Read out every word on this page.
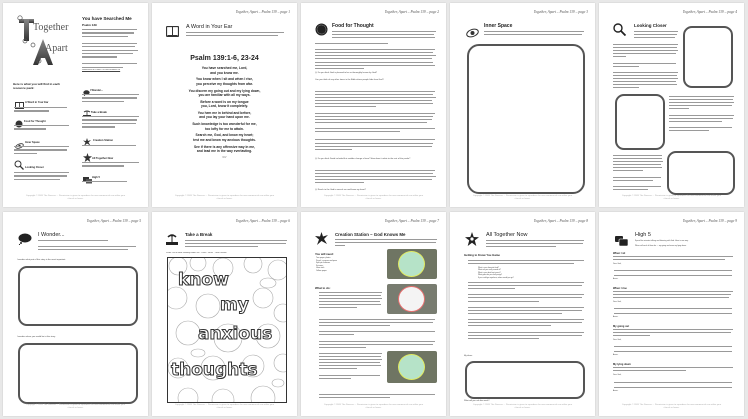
Together
Apart
You have Searched Me
Psalm 139
Reflections on Psalm 139 and Jeremiah 18
Here is what you will find in each resource pack:
A Word in Your Ear
Food for Thought
Inner Space
Looking Closer
I Wonder...
Take a Break
Creation Station
All Together Now
High 5
Copyright © 2020 The Diocese ... Permission is given to reproduce for non-commercial use within your church or home.
Together, Apart – Psalm 139 – page 1
A Word in Your Ear
Psalm 139:1-6, 23-24

You have searched me, Lord,
and you know me.

You know when I sit and when I rise,
you perceive my thoughts from afar.

You discern my going out and my lying down,
you are familiar with all my ways.

Before a word is on my tongue
you, Lord, know it completely.

You hem me in behind and before,
and you lay your hand upon me.

Such knowledge is too wonderful for me,
too lofty for me to attain.

Search me, God, and know my heart;
test me and know my anxious thoughts.

See if there is any offensive way in me,
and lead me in the way everlasting.

NIV
Copyright © 2020 The Diocese ... Permission is given to reproduce for non-commercial use within your church or home.
Together, Apart – Psalm 139 – page 2
Food for Thought
Q: Do you think God is pleased to be so thoroughly known by God?
Can you think of any other times in the Bible where people hide from God?
Q: Do you think David included this sudden change of tone? How does it relate to the rest of the psalm?
Q: Reach to the God to search me and know my heart?
Copyright © 2020 The Diocese ... Permission is given to reproduce for non-commercial use within your church or home.
Together, Apart – Psalm 139 – page 3
Inner Space
Copyright © 2020 The Diocese ... Permission is given to reproduce for non-commercial use within your church or home.
Together, Apart – Psalm 139 – page 4
Looking Closer
Copyright © 2020 The Diocese ... Permission is given to reproduce for non-commercial use within your church or home.
Together, Apart – Psalm 139 – page 5
I Wonder...
I wonder what part of this story is the most important.
I wonder where you would be in this story.
Copyright © 2020 The Diocese ... Permission is given to reproduce for non-commercial use within your church or home.
Together, Apart – Psalm 139 – page 6
Take a Break
Psalm 139 on Bible Gateway audio: NIV · Listen · NRSV · Youth Version
know
my
anxious
thoughts
Copyright © 2020 The Diocese ... Permission is given to reproduce for non-commercial use within your church or home.
Together, Apart – Psalm 139 – page 7
Creation Station – God Knows Me
You will need:
Two paper plates
Pencil, crayons and pens
Split pin fastener
Scissors
Glue stick
Yellow paper
What to do:
Copyright © 2020 The Diocese ... Permission is given to reproduce for non-commercial use within your church or home.
Together, Apart – Psalm 139 – page 8
All Together Now
Getting to Know You Game
What is your favourite food?
What are you really scared of?
What is your best kept secret?
What game do you really enjoy?
If you could go anywhere, where would you go?
My ideas:
What will you ask this week?
Copyright © 2020 The Diocese ... Permission is given to reproduce for non-commercial use within your church or home.
Together, Apart – Psalm 139 – page 9
High 5
Spend five minutes talking and listening with God. Here is one way.
When will each of them be — my going and even my lying down.
When I sit
Dear God,
Amen.
When I rise
Dear God,
Amen.
My going out
Dear God,
Amen.
My lying down
Dear God,
Amen.
Copyright © 2020 The Diocese ... Permission is given to reproduce for non-commercial use within your church or home.
